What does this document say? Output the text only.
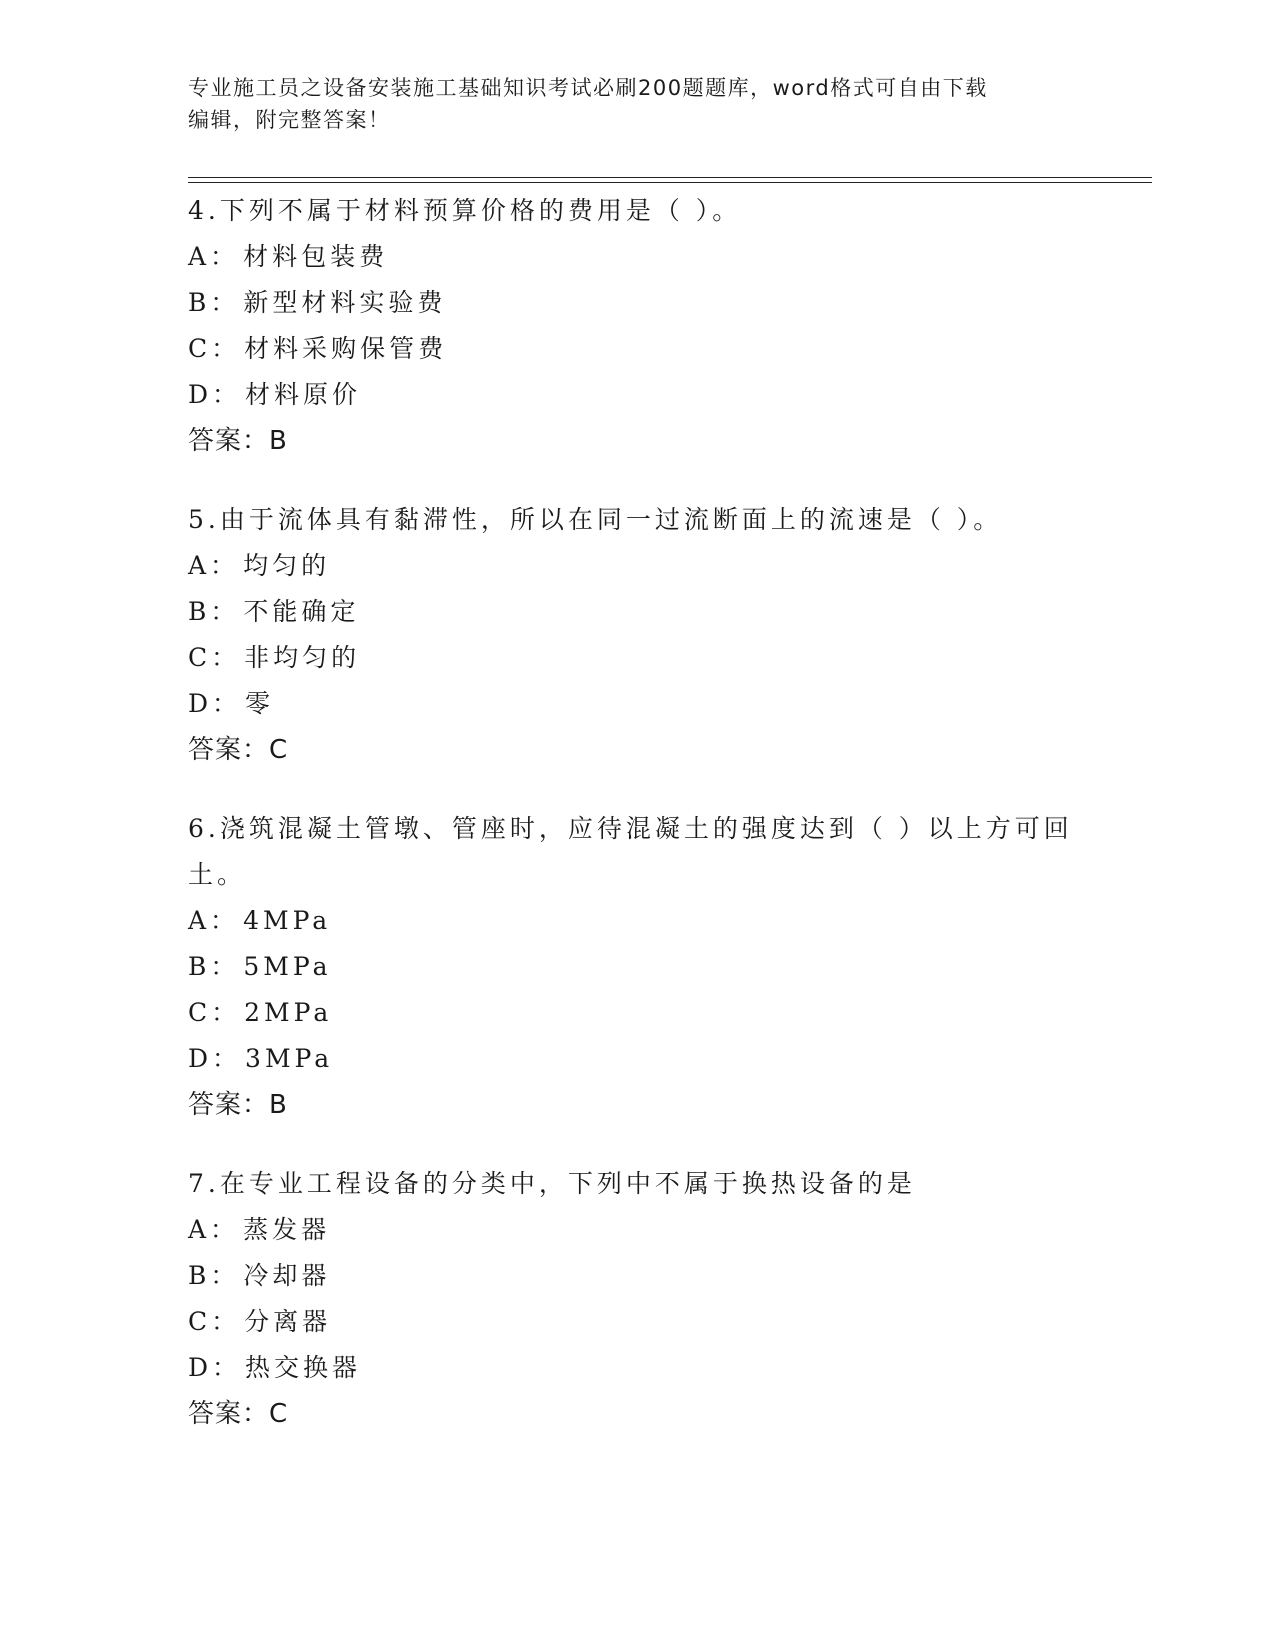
专业施工员之设备安装施工基础知识考试必刷200题题库，word格式可自由下载
编辑，附完整答案！
4.下列不属于材料预算价格的费用是（ ）。
A： 材料包装费
B： 新型材料实验费
C： 材料采购保管费
D： 材料原价
答案：B
5.由于流体具有黏滞性，所以在同一过流断面上的流速是（ ）。
A： 均匀的
B： 不能确定
C： 非均匀的
D： 零
答案：C
6.浇筑混凝土管墩、管座时，应待混凝土的强度达到（ ）以上方可回
土。
A： 4MPa
B： 5MPa
C： 2MPa
D： 3MPa
答案：B
7.在专业工程设备的分类中，下列中不属于换热设备的是
A： 蒸发器
B： 冷却器
C： 分离器
D： 热交换器
答案：C
